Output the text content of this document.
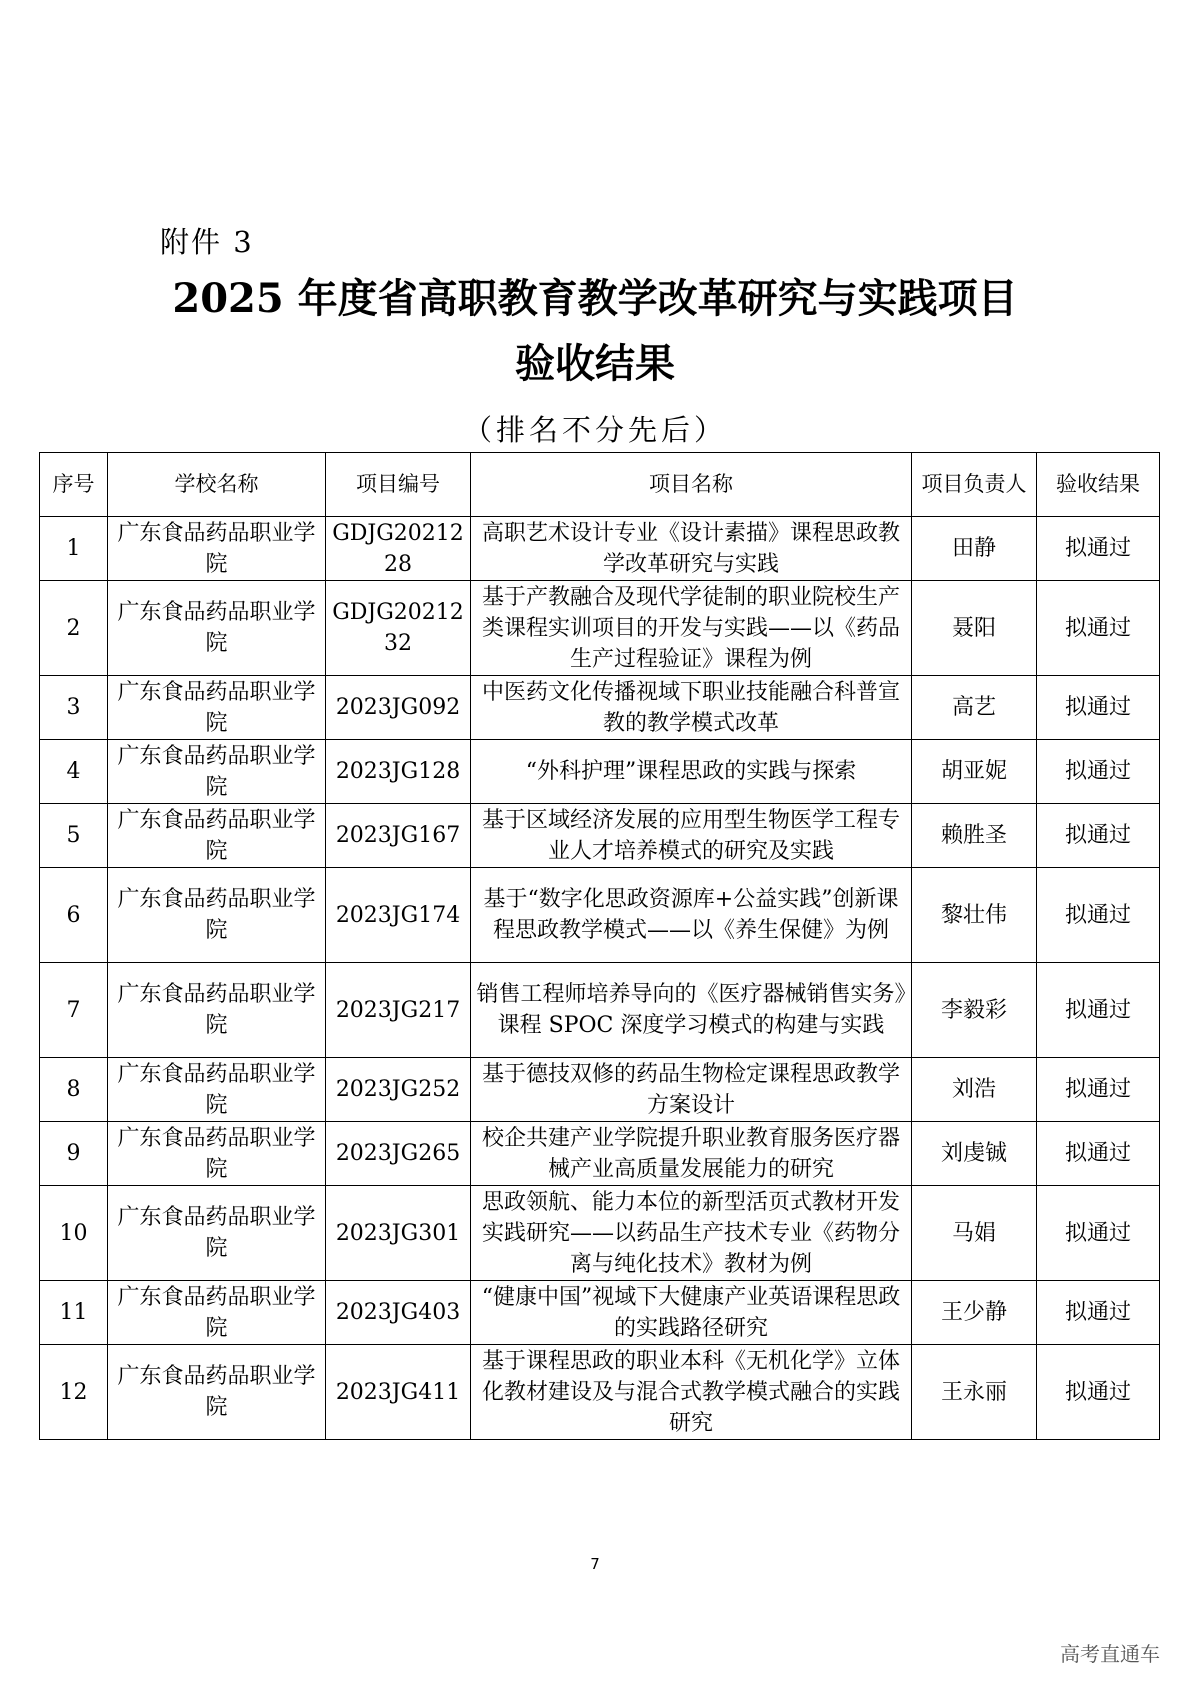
附件 3
2025 年度省高职教育教学改革研究与实践项目
验收结果
（排名不分先后）
序号	学校名称	项目编号	项目名称	项目负责人	验收结果
1	广东食品药品职业学院	GDJG2021228	高职艺术设计专业《设计素描》课程思政教学改革研究与实践	田静	拟通过
2	广东食品药品职业学院	GDJG2021232	基于产教融合及现代学徒制的职业院校生产类课程实训项目的开发与实践——以《药品生产过程验证》课程为例	聂阳	拟通过
3	广东食品药品职业学院	2023JG092	中医药文化传播视域下职业技能融合科普宣教的教学模式改革	高艺	拟通过
4	广东食品药品职业学院	2023JG128	“外科护理”课程思政的实践与探索	胡亚妮	拟通过
5	广东食品药品职业学院	2023JG167	基于区域经济发展的应用型生物医学工程专业人才培养模式的研究及实践	赖胜圣	拟通过
6	广东食品药品职业学院	2023JG174	基于“数字化思政资源库+公益实践”创新课程思政教学模式——以《养生保健》为例	黎壮伟	拟通过
7	广东食品药品职业学院	2023JG217	销售工程师培养导向的《医疗器械销售实务》课程 SPOC 深度学习模式的构建与实践	李毅彩	拟通过
8	广东食品药品职业学院	2023JG252	基于德技双修的药品生物检定课程思政教学方案设计	刘浩	拟通过
9	广东食品药品职业学院	2023JG265	校企共建产业学院提升职业教育服务医疗器械产业高质量发展能力的研究	刘虔铖	拟通过
10	广东食品药品职业学院	2023JG301	思政领航、能力本位的新型活页式教材开发实践研究——以药品生产技术专业《药物分离与纯化技术》教材为例	马娟	拟通过
11	广东食品药品职业学院	2023JG403	“健康中国”视域下大健康产业英语课程思政的实践路径研究	王少静	拟通过
12	广东食品药品职业学院	2023JG411	基于课程思政的职业本科《无机化学》立体化教材建设及与混合式教学模式融合的实践研究	王永丽	拟通过
7
高考直通车
